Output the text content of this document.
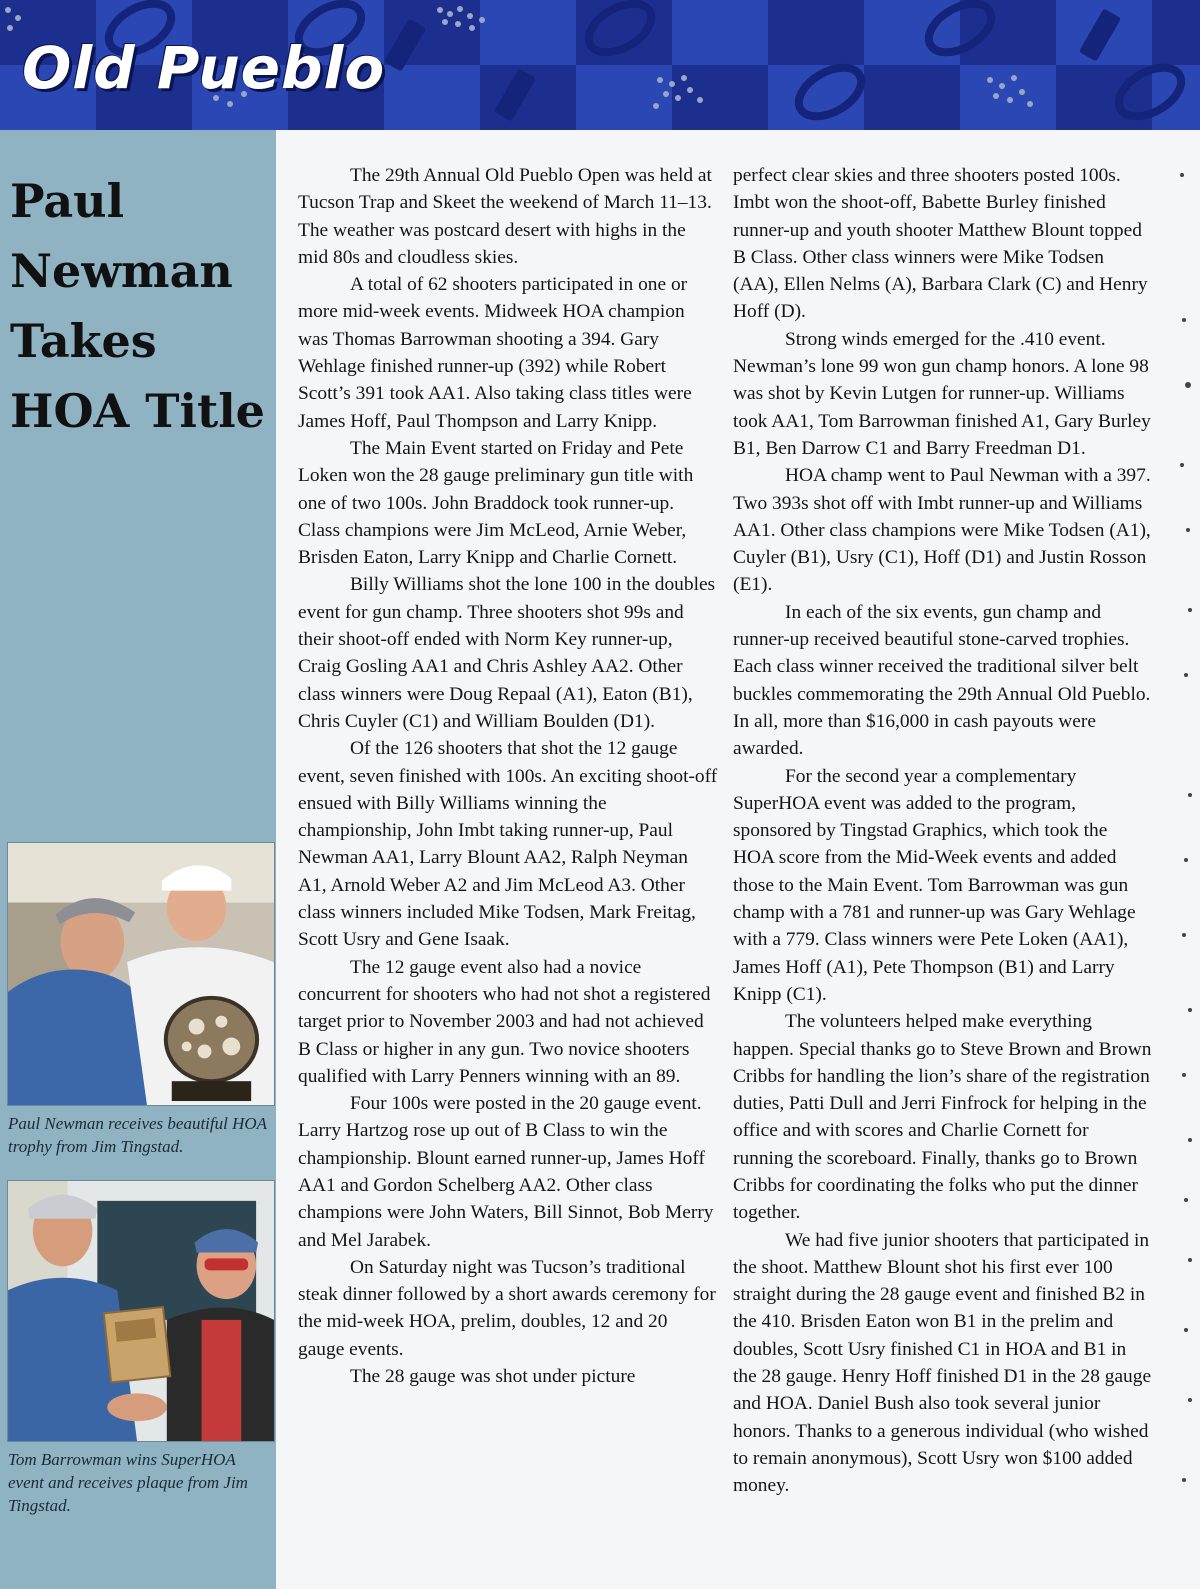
Old Pueblo
Paul
Newman
Takes
HOA Title
Paul Newman receives beautiful HOA trophy from Jim Tingstad.
Tom Barrowman wins SuperHOA event and receives plaque from Jim Tingstad.

The 29th Annual Old Pueblo Open was held at Tucson Trap and Skeet the weekend of March 11–13. The weather was postcard desert with highs in the mid 80s and cloudless skies.

A total of 62 shooters participated in one or more mid-week events. Midweek HOA champion was Thomas Barrowman shooting a 394. Gary Wehlage finished runner-up (392) while Robert Scott’s 391 took AA1. Also taking class titles were James Hoff, Paul Thompson and Larry Knipp.

The Main Event started on Friday and Pete Loken won the 28 gauge preliminary gun title with one of two 100s. John Braddock took runner-up. Class champions were Jim McLeod, Arnie Weber, Brisden Eaton, Larry Knipp and Charlie Cornett.

Billy Williams shot the lone 100 in the doubles event for gun champ. Three shooters shot 99s and their shoot-off ended with Norm Key runner-up, Craig Gosling AA1 and Chris Ashley AA2. Other class winners were Doug Repaal (A1), Eaton (B1), Chris Cuyler (C1) and William Boulden (D1).

Of the 126 shooters that shot the 12 gauge event, seven finished with 100s. An exciting shoot-off ensued with Billy Williams winning the championship, John Imbt taking runner-up, Paul Newman AA1, Larry Blount AA2, Ralph Neyman A1, Arnold Weber A2 and Jim McLeod A3. Other class winners included Mike Todsen, Mark Freitag, Scott Usry and Gene Isaak.

The 12 gauge event also had a novice concurrent for shooters who had not shot a registered target prior to November 2003 and had not achieved B Class or higher in any gun. Two novice shooters qualified with Larry Penners winning with an 89.

Four 100s were posted in the 20 gauge event. Larry Hartzog rose up out of B Class to win the championship. Blount earned runner-up, James Hoff AA1 and Gordon Schelberg AA2. Other class champions were John Waters, Bill Sinnot, Bob Merry and Mel Jarabek.

On Saturday night was Tucson’s traditional steak dinner followed by a short awards ceremony for the mid-week HOA, prelim, doubles, 12 and 20 gauge events.

The 28 gauge was shot under picture

perfect clear skies and three shooters posted 100s. Imbt won the shoot-off, Babette Burley finished runner-up and youth shooter Matthew Blount topped B Class. Other class winners were Mike Todsen (AA), Ellen Nelms (A), Barbara Clark (C) and Henry Hoff (D).

Strong winds emerged for the .410 event. Newman’s lone 99 won gun champ honors. A lone 98 was shot by Kevin Lutgen for runner-up. Williams took AA1, Tom Barrowman finished A1, Gary Burley B1, Ben Darrow C1 and Barry Freedman D1.

HOA champ went to Paul Newman with a 397. Two 393s shot off with Imbt runner-up and Williams AA1. Other class champions were Mike Todsen (A1), Cuyler (B1), Usry (C1), Hoff (D1) and Justin Rosson (E1).

In each of the six events, gun champ and runner-up received beautiful stone-carved trophies. Each class winner received the traditional silver belt buckles commemorating the 29th Annual Old Pueblo. In all, more than $16,000 in cash payouts were awarded.

For the second year a complementary SuperHOA event was added to the program, sponsored by Tingstad Graphics, which took the HOA score from the Mid-Week events and added those to the Main Event. Tom Barrowman was gun champ with a 781 and runner-up was Gary Wehlage with a 779. Class winners were Pete Loken (AA1), James Hoff (A1), Pete Thompson (B1) and Larry Knipp (C1).

The volunteers helped make everything happen. Special thanks go to Steve Brown and Brown Cribbs for handling the lion’s share of the registration duties, Patti Dull and Jerri Finfrock for helping in the office and with scores and Charlie Cornett for running the scoreboard. Finally, thanks go to Brown Cribbs for coordinating the folks who put the dinner together.

We had five junior shooters that participated in the shoot. Matthew Blount shot his first ever 100 straight during the 28 gauge event and finished B2 in the 410. Brisden Eaton won B1 in the prelim and doubles, Scott Usry finished C1 in HOA and B1 in the 28 gauge. Henry Hoff finished D1 in the 28 gauge and HOA. Daniel Bush also took several junior honors. Thanks to a generous individual (who wished to remain anonymous), Scott Usry won $100 added money.
